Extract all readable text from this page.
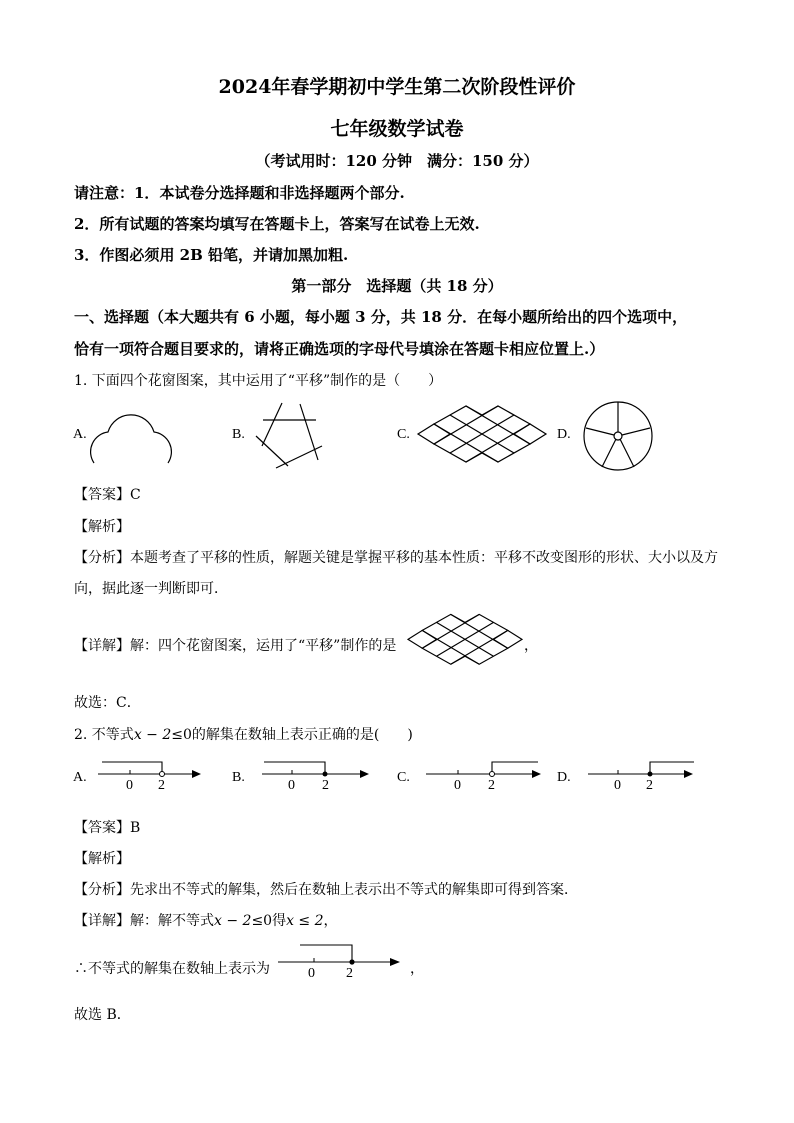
2024年春学期初中学生第二次阶段性评价
七年级数学试卷
（考试用时：120 分钟　满分：150 分）
请注意：1．本试卷分选择题和非选择题两个部分.
2．所有试题的答案均填写在答题卡上，答案写在试卷上无效.
3．作图必须用 2B 铅笔，并请加黑加粗.
第一部分　选择题（共 18 分）
一、选择题（本大题共有 6 小题，每小题 3 分，共 18 分．在每小题所给出的四个选项中，
恰有一项符合题目要求的，请将正确选项的字母代号填涂在答题卡相应位置上.）
1. 下面四个花窗图案，其中运用了“平移”制作的是（　　）
A.	B.	C.	D.
【答案】C
【解析】
【分析】本题考查了平移的性质，解题关键是掌握平移的基本性质：平移不改变图形的形状、大小以及方
向，据此逐一判断即可．
【详解】解：四个花窗图案，运用了“平移”制作的是	，
故选：C．
2. 不等式x − 2≤0的解集在数轴上表示正确的是(　　)
A.
0 2
B.
0 2
C.
0 2
D.
0 2
【答案】B
【解析】
【分析】先求出不等式的解集，然后在数轴上表示出不等式的解集即可得到答案．
【详解】解：解不等式x − 2≤0得x ≤ 2，
∴不等式的解集在数轴上表示为	0 2	，
故选 B．
